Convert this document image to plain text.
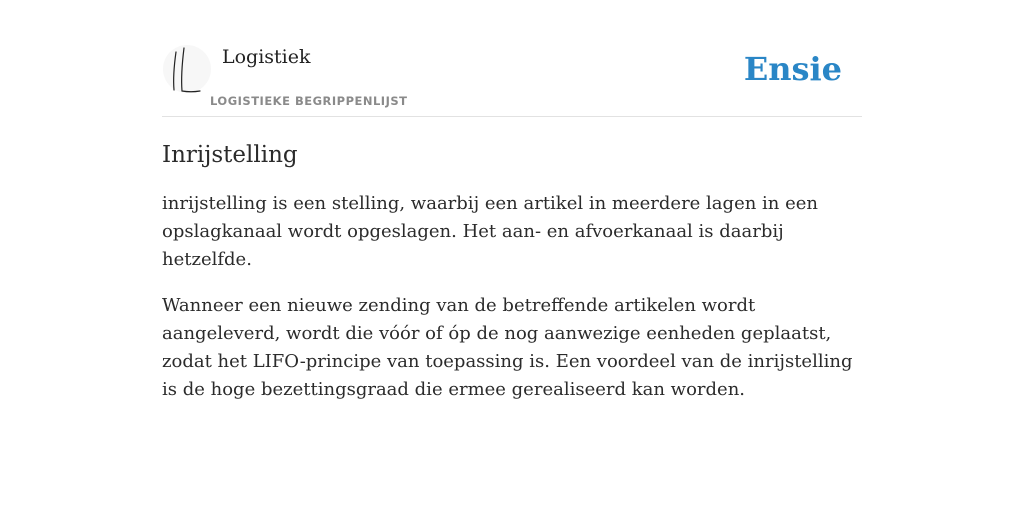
Logistiek
LOGISTIEKE BEGRIPPENLIJST
Ensie
Inrijstelling

inrijstelling is een stelling, waarbij een artikel in meerdere lagen in een opslagkanaal wordt opgeslagen. Het aan- en afvoerkanaal is daarbij hetzelfde.

Wanneer een nieuwe zending van de betreffende artikelen wordt aangeleverd, wordt die vóór of óp de nog aanwezige eenheden geplaatst, zodat het LIFO-principe van toepassing is. Een voordeel van de inrijstelling is de hoge bezettingsgraad die ermee gerealiseerd kan worden.
